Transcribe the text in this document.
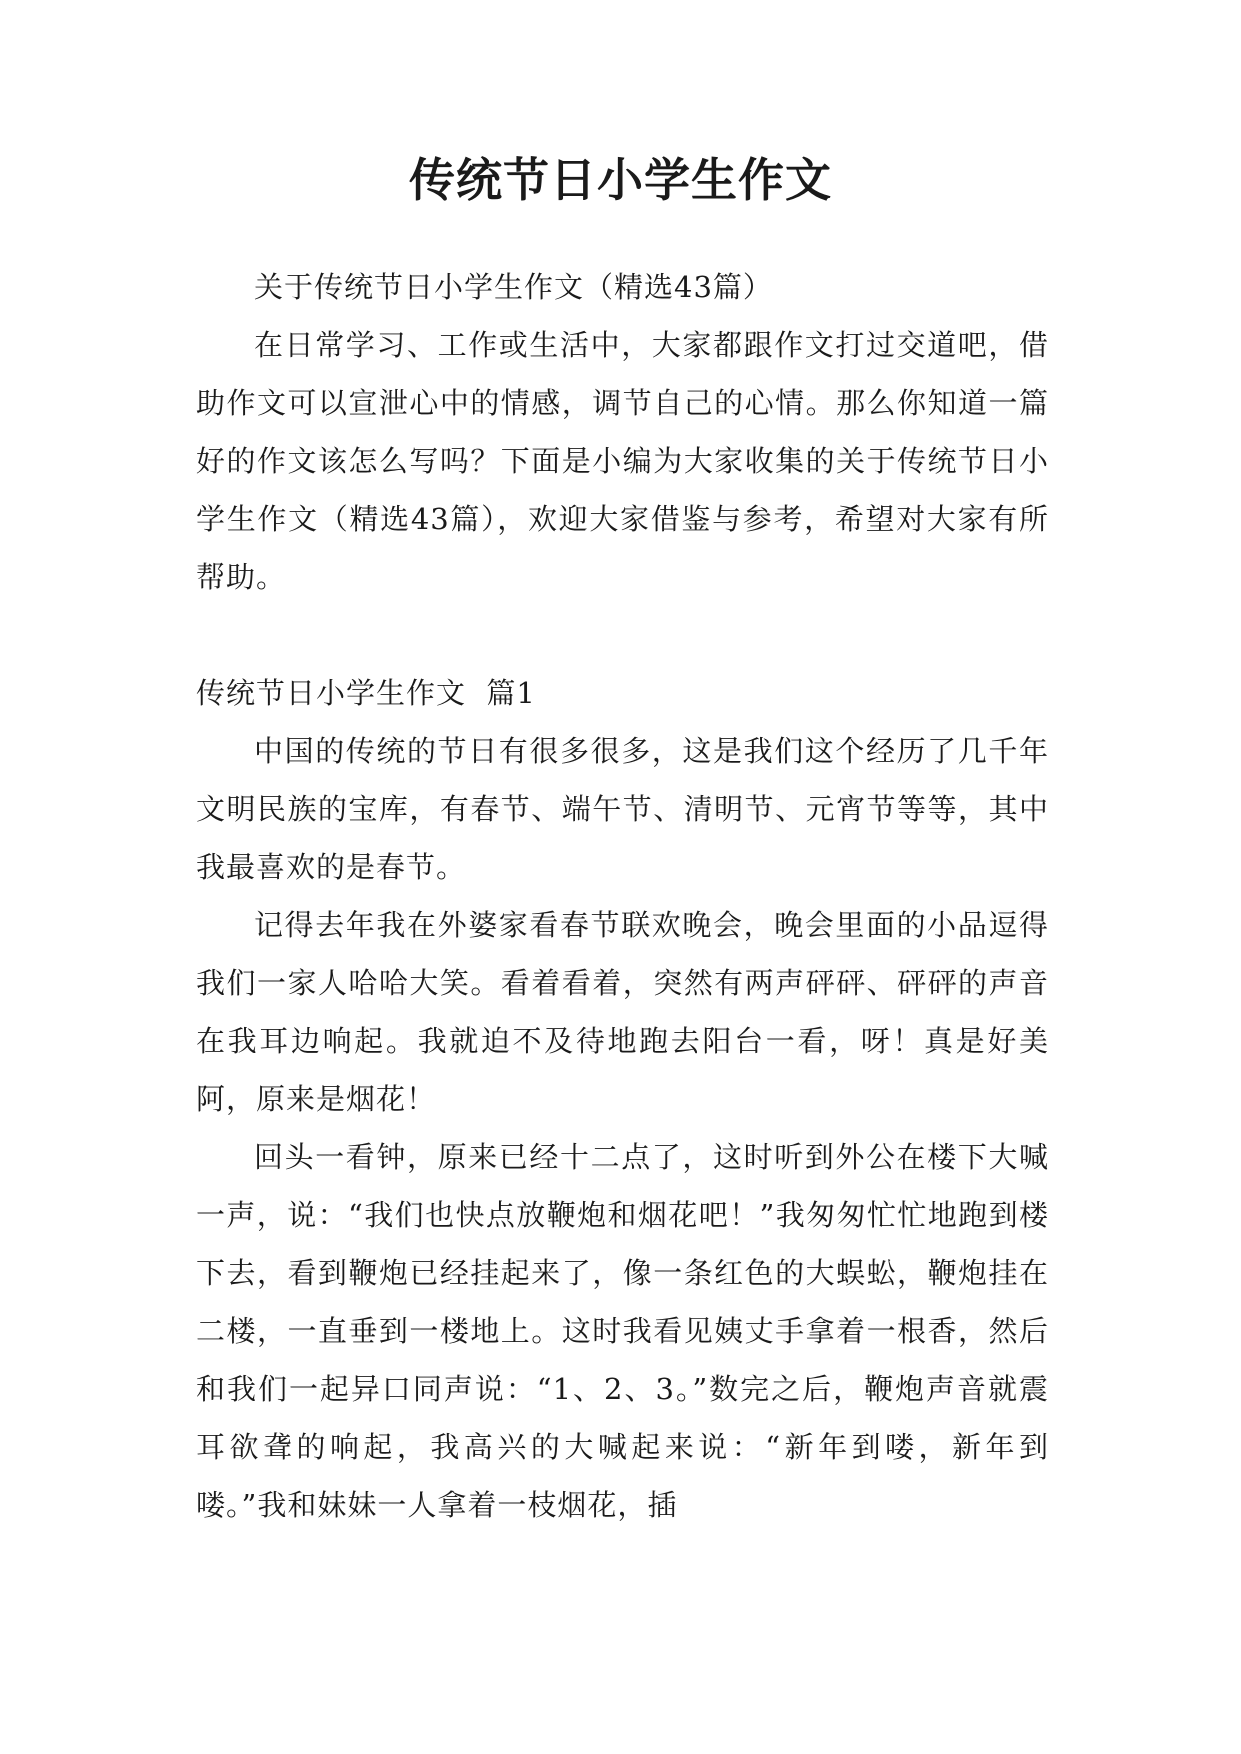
传统节日小学生作文

关于传统节日小学生作文（精选43篇）

在日常学习、工作或生活中，大家都跟作文打过交道吧，借助作文可以宣泄心中的情感，调节自己的心情。那么你知道一篇好的作文该怎么写吗？下面是小编为大家收集的关于传统节日小学生作文（精选43篇），欢迎大家借鉴与参考，希望对大家有所帮助。

传统节日小学生作文  篇1

中国的传统的节日有很多很多，这是我们这个经历了几千年文明民族的宝库，有春节、端午节、清明节、元宵节等等，其中我最喜欢的是春节。

记得去年我在外婆家看春节联欢晚会，晚会里面的小品逗得我们一家人哈哈大笑。看着看着，突然有两声砰砰、砰砰的声音在我耳边响起。我就迫不及待地跑去阳台一看，呀！真是好美阿，原来是烟花！

回头一看钟，原来已经十二点了，这时听到外公在楼下大喊一声，说：“我们也快点放鞭炮和烟花吧！”我匆匆忙忙地跑到楼下去，看到鞭炮已经挂起来了，像一条红色的大蜈蚣，鞭炮挂在二楼，一直垂到一楼地上。这时我看见姨丈手拿着一根香，然后和我们一起异口同声说：“1、2、3。”数完之后，鞭炮声音就震耳欲聋的响起，我高兴的大喊起来说：“新年到喽，新年到喽。”我和妹妹一人拿着一枝烟花，插
